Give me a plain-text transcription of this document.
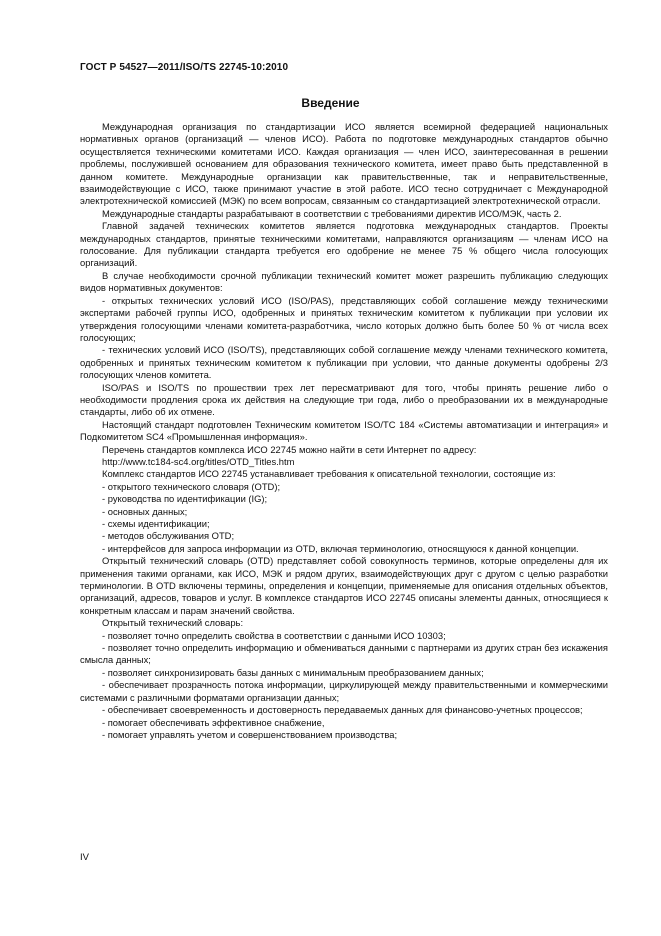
ГОСТ Р 54527—2011/ISO/TS 22745-10:2010
Введение

Международная организация по стандартизации ИСО является всемирной федерацией национальных нормативных органов (организаций — членов ИСО). Работа по подготовке международных стандартов обычно осуществляется техническими комитетами ИСО. Каждая организация — член ИСО, заинтересованная в решении проблемы, послужившей основанием для образования технического комитета, имеет право быть представленной в данном комитете. Международные организации как правительственные, так и неправительственные, взаимодействующие с ИСО, также принимают участие в этой работе. ИСО тесно сотрудничает с Международной электротехнической комиссией (МЭК) по всем вопросам, связанным со стандартизацией электротехнической отрасли.

Международные стандарты разрабатывают в соответствии с требованиями директив ИСО/МЭК, часть 2.

Главной задачей технических комитетов является подготовка международных стандартов. Проекты международных стандартов, принятые техническими комитетами, направляются организациям — членам ИСО на голосование. Для публикации стандарта требуется его одобрение не менее 75 % общего числа голосующих организаций.

В случае необходимости срочной публикации технический комитет может разрешить публикацию следующих видов нормативных документов:

- открытых технических условий ИСО (ISO/PAS), представляющих собой соглашение между техническими экспертами рабочей группы ИСО, одобренных и принятых техническим комитетом к публикации при условии их утверждения голосующими членами комитета-разработчика, число которых должно быть более 50 % от числа всех голосующих;

- технических условий ИСО (ISO/TS), представляющих собой соглашение между членами технического комитета, одобренных и принятых техническим комитетом к публикации при условии, что данные документы одобрены 2/3 голосующих членов комитета.

ISO/PAS и ISO/TS по прошествии трех лет пересматривают для того, чтобы принять решение либо о необходимости продления срока их действия на следующие три года, либо о преобразовании их в международные стандарты, либо об их отмене.

Настоящий стандарт подготовлен Техническим комитетом ISO/TC 184 «Системы автоматизации и интеграция» и Подкомитетом SC4 «Промышленная информация».

Перечень стандартов комплекса ИСО 22745 можно найти в сети Интернет по адресу:

http://www.tc184-sc4.org/titles/OTD_Titles.htm

Комплекс стандартов ИСО 22745 устанавливает требования к описательной технологии, состоящие из:

- открытого технического словаря (OTD);

- руководства по идентификации (IG);

- основных данных;

- схемы идентификации;

- методов обслуживания OTD;

- интерфейсов для запроса информации из OTD, включая терминологию, относящуюся к данной концепции.

Открытый технический словарь (OTD) представляет собой совокупность терминов, которые определены для их применения такими органами, как ИСО, МЭК и рядом других, взаимодействующих друг с другом с целью разработки терминологии. В OTD включены термины, определения и концепции, применяемые для описания отдельных объектов, организаций, адресов, товаров и услуг. В комплексе стандартов ИСО 22745 описаны элементы данных, относящиеся к конкретным классам и парам значений свойства.

Открытый технический словарь:

- позволяет точно определить свойства в соответствии с данными ИСО 10303;

- позволяет точно определить информацию и обмениваться данными с партнерами из других стран без искажения смысла данных;

- позволяет синхронизировать базы данных с минимальным преобразованием данных;

- обеспечивает прозрачность потока информации, циркулирующей между правительственными и коммерческими системами с различными форматами организации данных;

- обеспечивает своевременность и достоверность передаваемых данных для финансово-учетных процессов;

- помогает обеспечивать эффективное снабжение,

- помогает управлять учетом и совершенствованием производства;

IV
